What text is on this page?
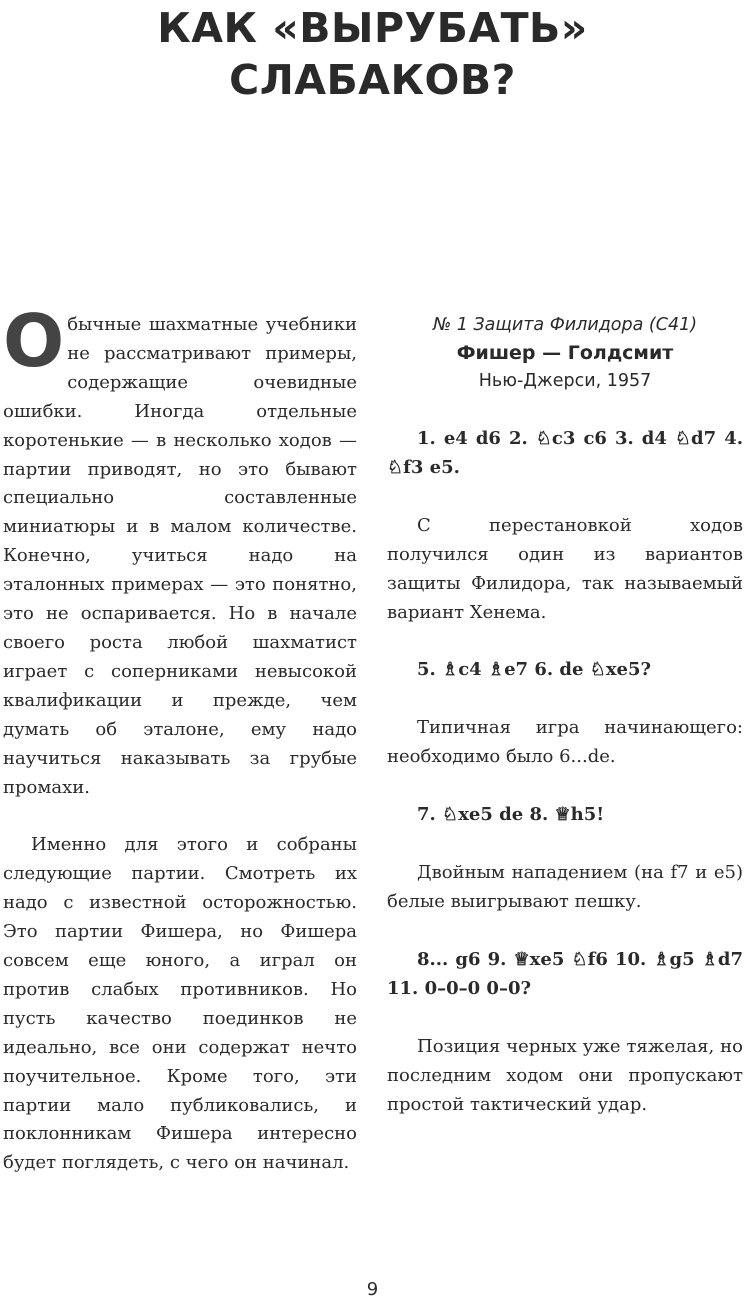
КАК «ВЫРУБАТЬ»
СЛАБАКОВ?

Обычные шахматные учебники не рассматривают примеры, содержащие очевидные ошибки. Иногда отдельные коротенькие — в несколько ходов — партии приводят, но это бывают специально составленные миниатюры и в малом количестве. Конечно, учиться надо на эталонных примерах — это понятно, это не оспаривается. Но в начале своего роста любой шахматист играет с соперниками невысокой квалификации и прежде, чем думать об эталоне, ему надо научиться наказывать за грубые промахи.

Именно для этого и собраны следующие партии. Смотреть их надо с известной осторожностью. Это партии Фишера, но Фишера совсем еще юного, а играл он против слабых противников. Но пусть качество поединков не идеально, все они содержат нечто поучительное. Кроме того, эти партии мало публиковались, и поклонникам Фишера интересно будет поглядеть, с чего он начинал.

№ 1 Защита Филидора (С41)
Фишер — Голдсмит
Нью-Джерси, 1957

1. e4 d6 2. ♘c3 c6 3. d4 ♘d7 4. ♘f3 e5.

С перестановкой ходов получился один из вариантов защиты Филидора, так называемый вариант Хенема.

5. ♗c4 ♗e7 6. de ♘xe5?

Типичная игра начинающего: необходимо было 6...de.

7. ♘xe5 de 8. ♕h5!

Двойным нападением (на f7 и e5) белые выигрывают пешку.

8... g6 9. ♕xe5 ♘f6 10. ♗g5 ♗d7 11. 0–0–0 0–0?

Позиция черных уже тяжелая, но последним ходом они пропускают простой тактический удар.

9
